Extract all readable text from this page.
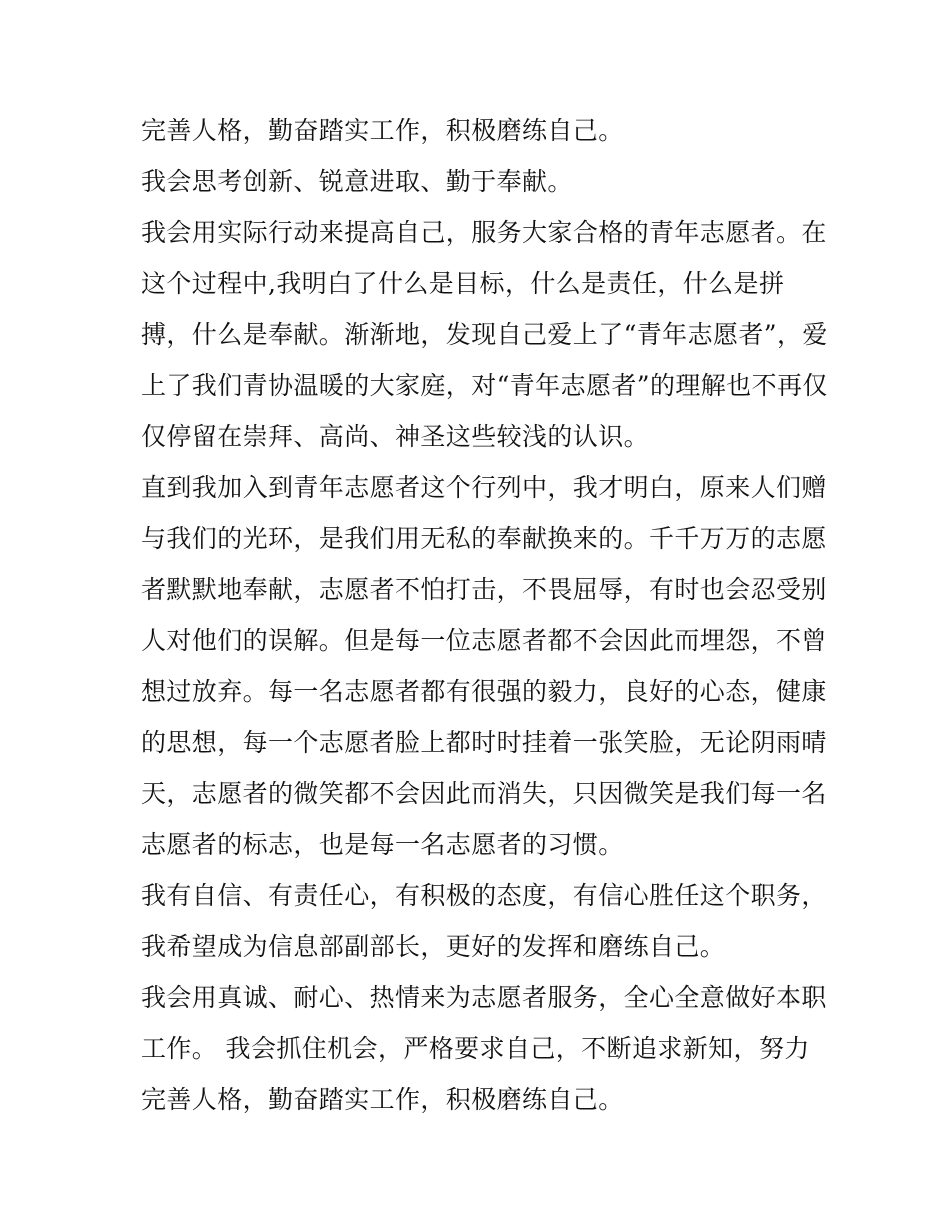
完善人格，勤奋踏实工作，积极磨练自己。
我会思考创新、锐意进取、勤于奉献。
我会用实际行动来提高自己，服务大家合格的青年志愿者。在
这个过程中,我明白了什么是目标，什么是责任，什么是拼
搏，什么是奉献。渐渐地，发现自己爱上了“青年志愿者”，爱
上了我们青协温暖的大家庭，对“青年志愿者”的理解也不再仅
仅停留在崇拜、高尚、神圣这些较浅的认识。
直到我加入到青年志愿者这个行列中，我才明白，原来人们赠
与我们的光环，是我们用无私的奉献换来的。千千万万的志愿
者默默地奉献，志愿者不怕打击，不畏屈辱，有时也会忍受别
人对他们的误解。但是每一位志愿者都不会因此而埋怨，不曾
想过放弃。每一名志愿者都有很强的毅力，良好的心态，健康
的思想，每一个志愿者脸上都时时挂着一张笑脸，无论阴雨晴
天，志愿者的微笑都不会因此而消失，只因微笑是我们每一名
志愿者的标志，也是每一名志愿者的习惯。
我有自信、有责任心，有积极的态度，有信心胜任这个职务，
我希望成为信息部副部长，更好的发挥和磨练自己。
我会用真诚、耐心、热情来为志愿者服务，全心全意做好本职
工作。 我会抓住机会，严格要求自己，不断追求新知，努力
完善人格，勤奋踏实工作，积极磨练自己。
